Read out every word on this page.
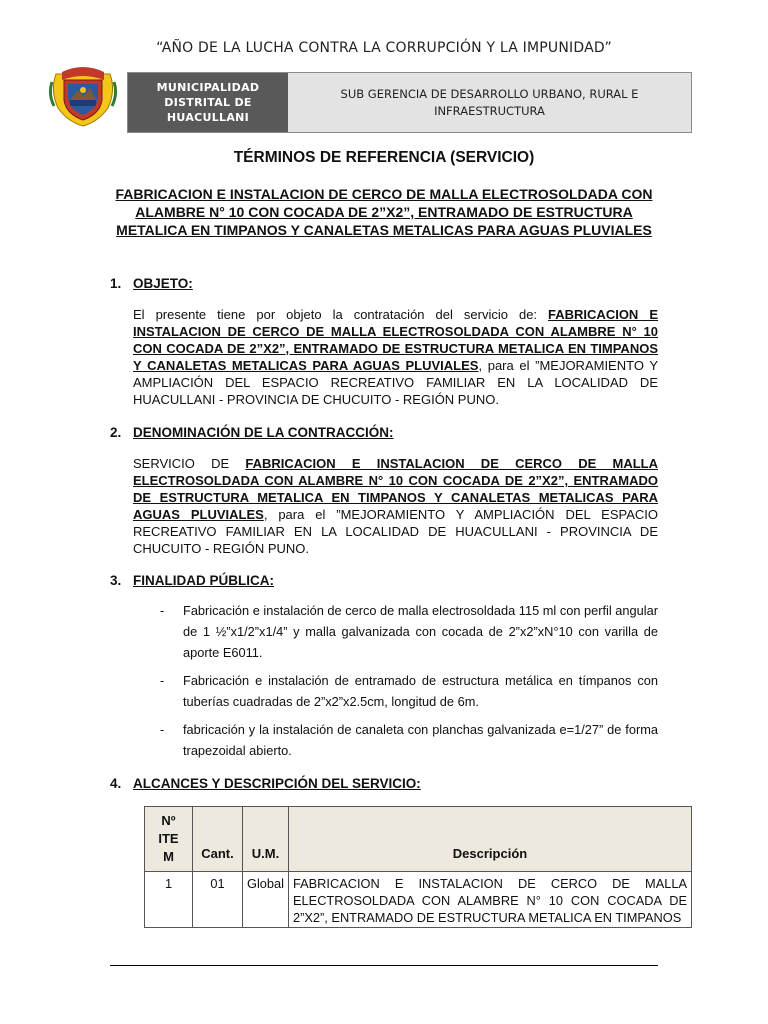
“AÑO DE LA LUCHA CONTRA LA CORRUPCIÓN Y LA IMPUNIDAD”
MUNICIPALIDAD DISTRITAL DE HUACULLANI
SUB GERENCIA DE DESARROLLO URBANO, RURAL E INFRAESTRUCTURA
TÉRMINOS DE REFERENCIA (SERVICIO)
FABRICACION E INSTALACION DE CERCO DE MALLA ELECTROSOLDADA CON ALAMBRE N° 10 CON COCADA DE 2”X2”, ENTRAMADO DE ESTRUCTURA METALICA EN TIMPANOS Y CANALETAS METALICAS PARA AGUAS PLUVIALES
1. OBJETO:
El presente tiene por objeto la contratación del servicio de: FABRICACION E INSTALACION DE CERCO DE MALLA ELECTROSOLDADA CON ALAMBRE N° 10 CON COCADA DE 2”X2”, ENTRAMADO DE ESTRUCTURA METALICA EN TIMPANOS Y CANALETAS METALICAS PARA AGUAS PLUVIALES, para el ”MEJORAMIENTO Y AMPLIACIÓN DEL ESPACIO RECREATIVO FAMILIAR EN LA LOCALIDAD DE HUACULLANI - PROVINCIA DE CHUCUITO - REGIÓN PUNO.
2. DENOMINACIÓN DE LA CONTRACCIÓN:
SERVICIO DE FABRICACION E INSTALACION DE CERCO DE MALLA ELECTROSOLDADA CON ALAMBRE N° 10 CON COCADA DE 2”X2”, ENTRAMADO DE ESTRUCTURA METALICA EN TIMPANOS Y CANALETAS METALICAS PARA AGUAS PLUVIALES, para el ”MEJORAMIENTO Y AMPLIACIÓN DEL ESPACIO RECREATIVO FAMILIAR EN LA LOCALIDAD DE HUACULLANI - PROVINCIA DE CHUCUITO - REGIÓN PUNO.
3. FINALIDAD PÚBLICA:
-	Fabricación e instalación de cerco de malla electrosoldada 115 ml con perfil angular de 1 ½”x1/2”x1/4” y malla galvanizada con cocada de 2”x2”xN°10 con varilla de aporte E6011.
-	Fabricación e instalación de entramado de estructura metálica en tímpanos con tuberías cuadradas de 2”x2”x2.5cm, longitud de 6m.
-	fabricación y la instalación de canaleta con planchas galvanizada e=1/27” de forma trapezoidal abierto.
4. ALCANCES Y DESCRIPCIÓN DEL SERVICIO:
Nº
ITE
M	Cant.	U.M.	Descripción
1	01	Global	FABRICACION E INSTALACION DE CERCO DE MALLA ELECTROSOLDADA CON ALAMBRE N° 10 CON COCADA DE 2”X2”, ENTRAMADO DE ESTRUCTURA METALICA EN TIMPANOS
